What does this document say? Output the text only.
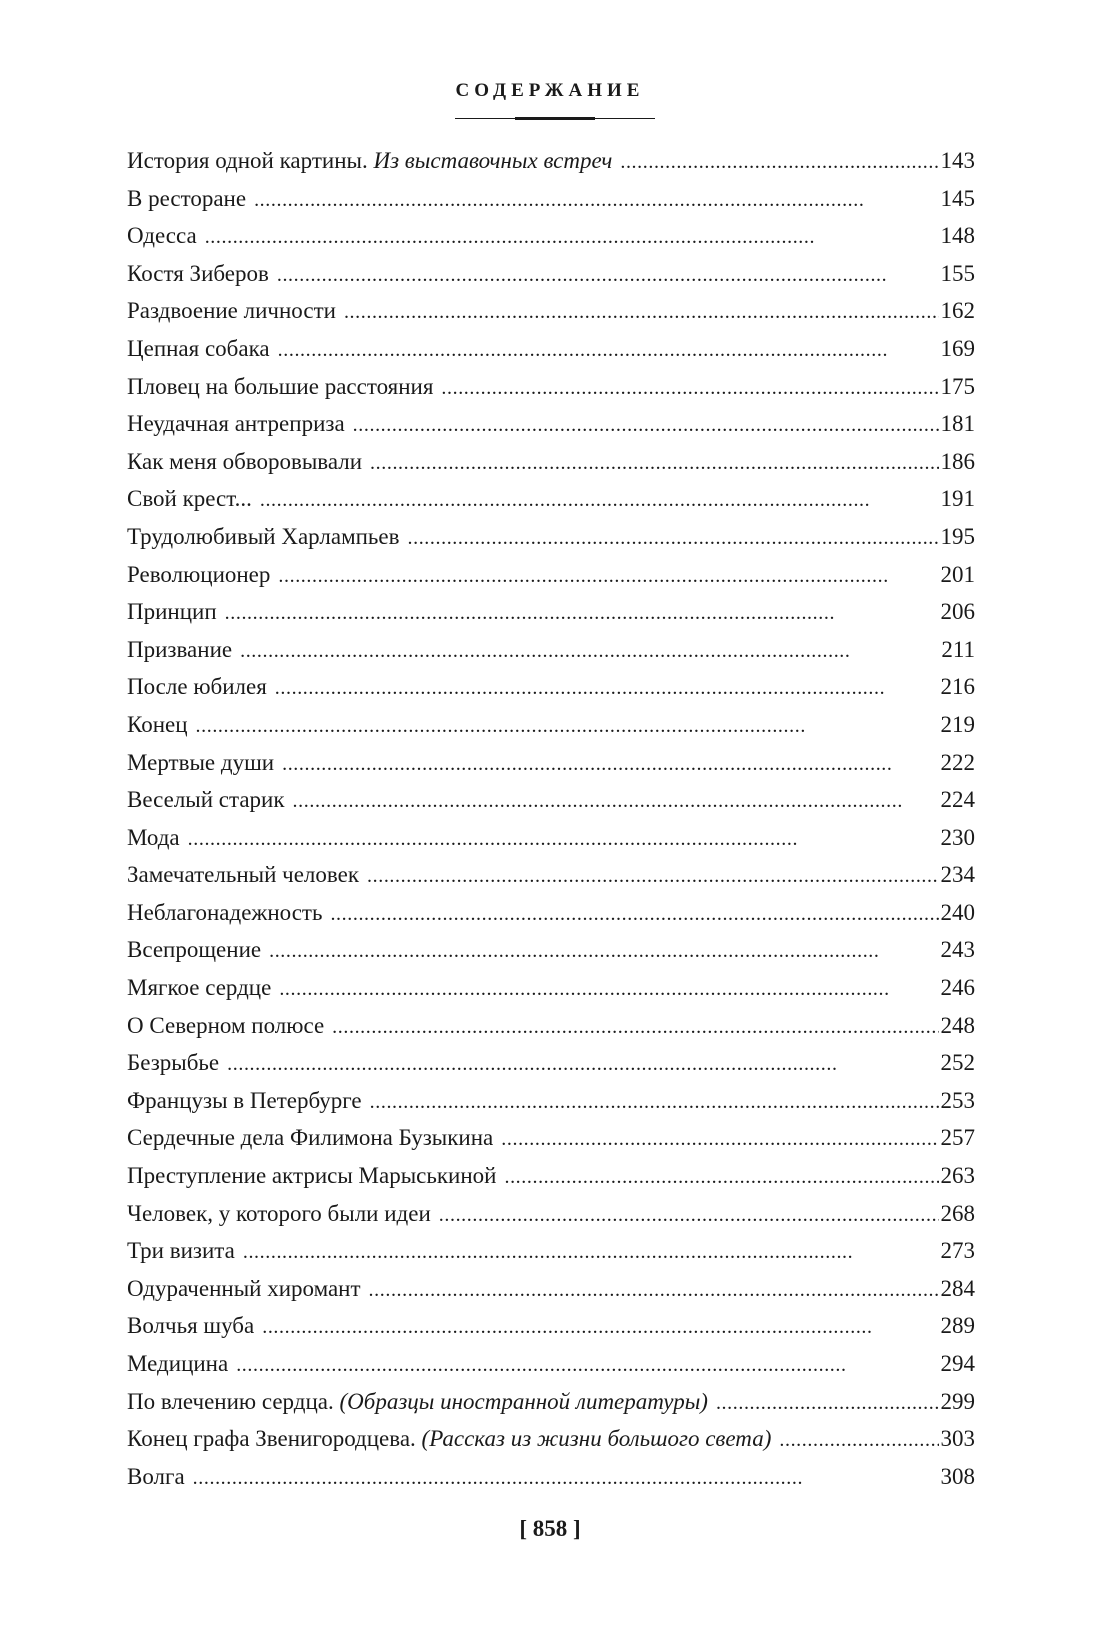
СОДЕРЖАНИЕ
История одной картины. Из выставочных встреч . . .	143
В ресторане . . .	145
Одесса . . .	148
Костя Зиберов . . .	155
Раздвоение личности . . .	162
Цепная собака . . .	169
Пловец на большие расстояния . . .	175
Неудачная антреприза . . .	181
Как меня обворовывали . . .	186
Свой крест... . . .	191
Трудолюбивый Харлампьев . . .	195
Революционер . . .	201
Принцип . . .	206
Призвание . . .	211
После юбилея . . .	216
Конец . . .	219
Мертвые души . . .	222
Веселый старик . . .	224
Мода . . .	230
Замечательный человек . . .	234
Неблагонадежность . . .	240
Всепрощение . . .	243
Мягкое сердце . . .	246
О Северном полюсе . . .	248
Безрыбье . . .	252
Французы в Петербурге . . .	253
Сердечные дела Филимона Бузыкина . . .	257
Преступление актрисы Марыськиной . . .	263
Человек, у которого были идеи . . .	268
Три визита . . .	273
Одураченный хиромант . . .	284
Волчья шуба . . .	289
Медицина . . .	294
По влечению сердца. (Образцы иностранной литературы) . . .	299
Конец графа Звенигородцева. (Рассказ из жизни большого света) . . .	303
Волга . . .	308
[ 858 ]
